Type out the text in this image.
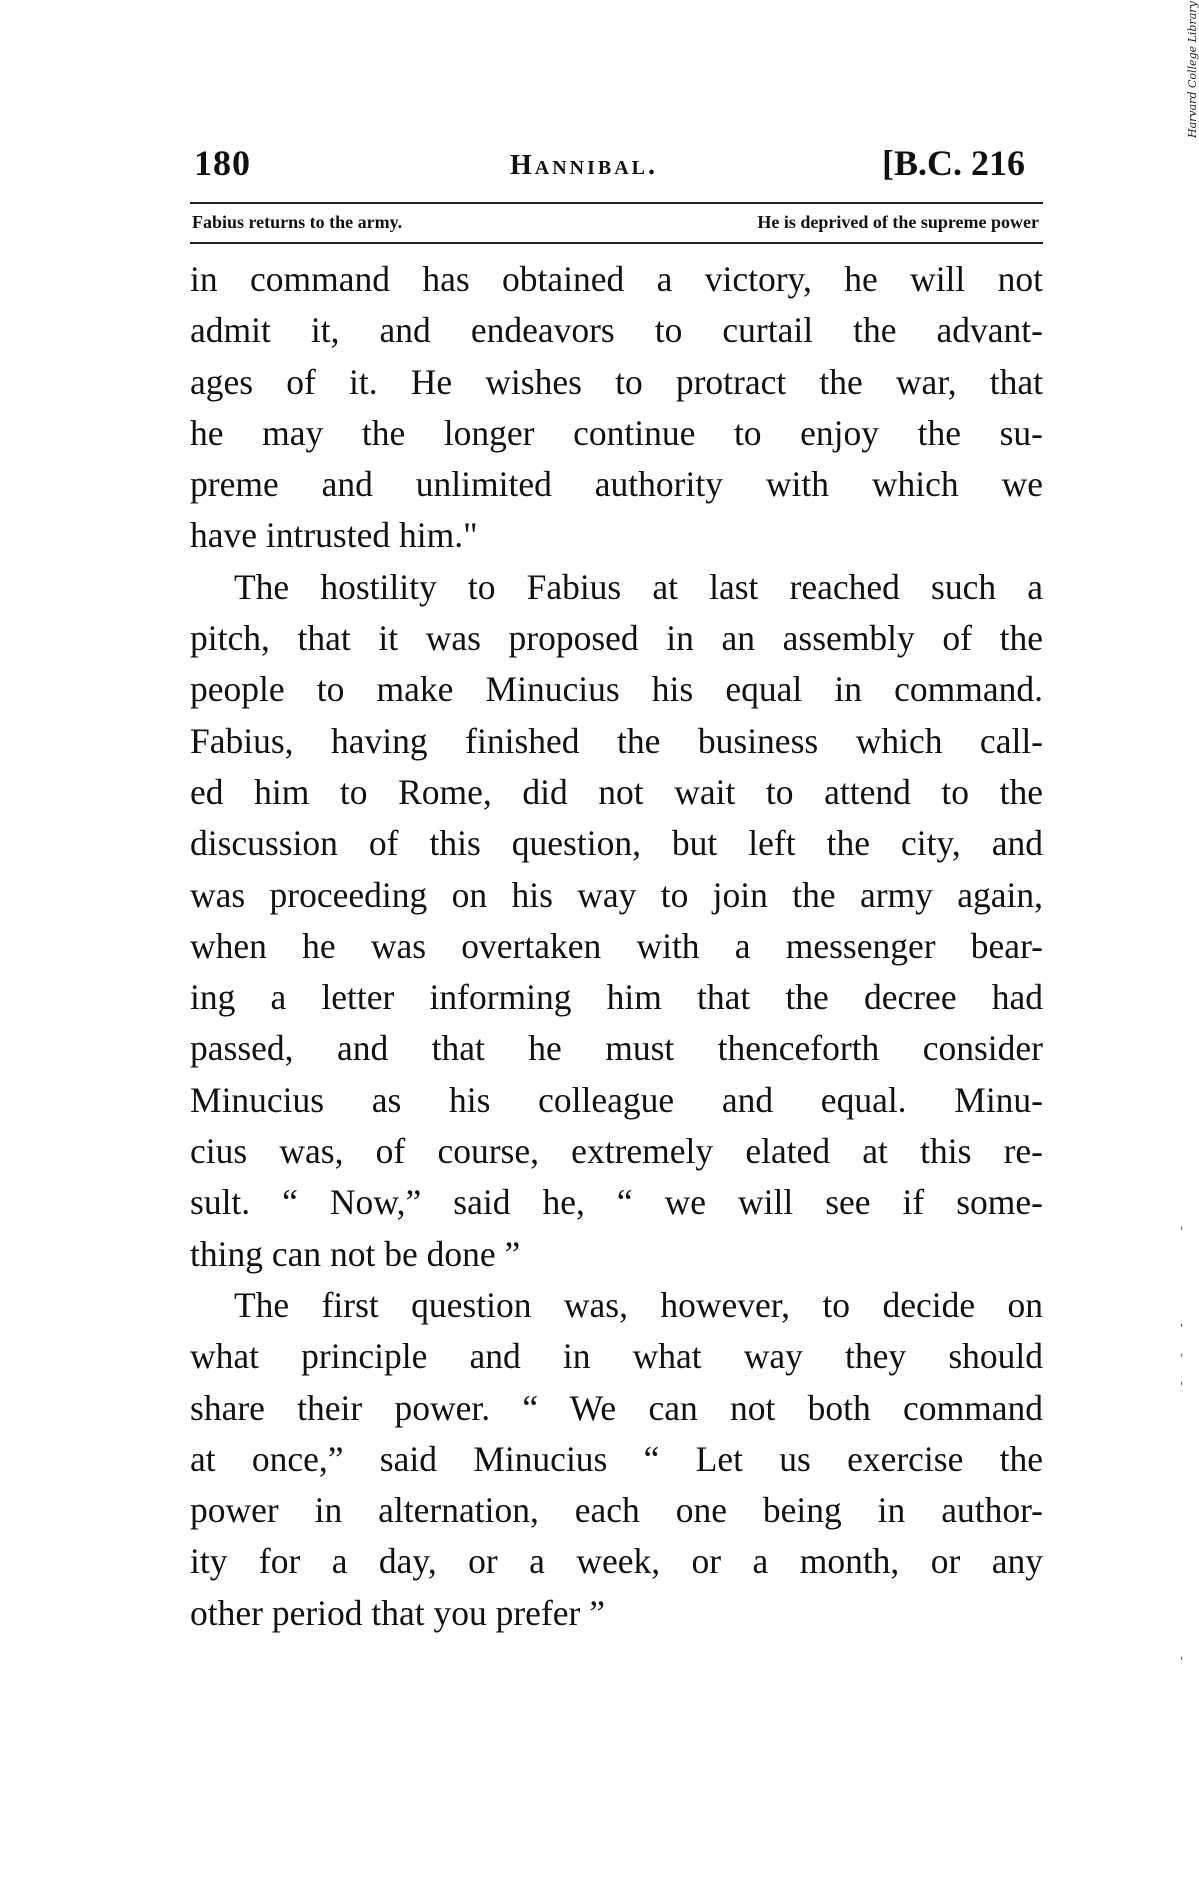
Harvard College Library
180	Hannibal.	[B.C. 216
Fabius returns to the army.	He is deprived of the supreme power
in command has obtained a victory, he will not
admit it, and endeavors to curtail the advant-
ages of it. He wishes to protract the war, that
he may the longer continue to enjoy the su-
preme and unlimited authority with which we
have intrusted him."
The hostility to Fabius at last reached such a
pitch, that it was proposed in an assembly of the
people to make Minucius his equal in command.
Fabius, having finished the business which call-
ed him to Rome, did not wait to attend to the
discussion of this question, but left the city, and
was proceeding on his way to join the army again,
when he was overtaken with a messenger bear-
ing a letter informing him that the decree had
passed, and that he must thenceforth consider
Minucius as his colleague and equal. Minu-
cius was, of course, extremely elated at this re-
sult. “ Now,” said he, “ we will see if some-
thing can not be done ”
The first question was, however, to decide on
what principle and in what way they should
share their power. “ We can not both command
at once,” said Minucius “ Let us exercise the
power in alternation, each one being in author-
ity for a day, or a week, or a month, or any
other period that you prefer ”
ˈ
ˈ
ˈ
ˈ
ˈ
